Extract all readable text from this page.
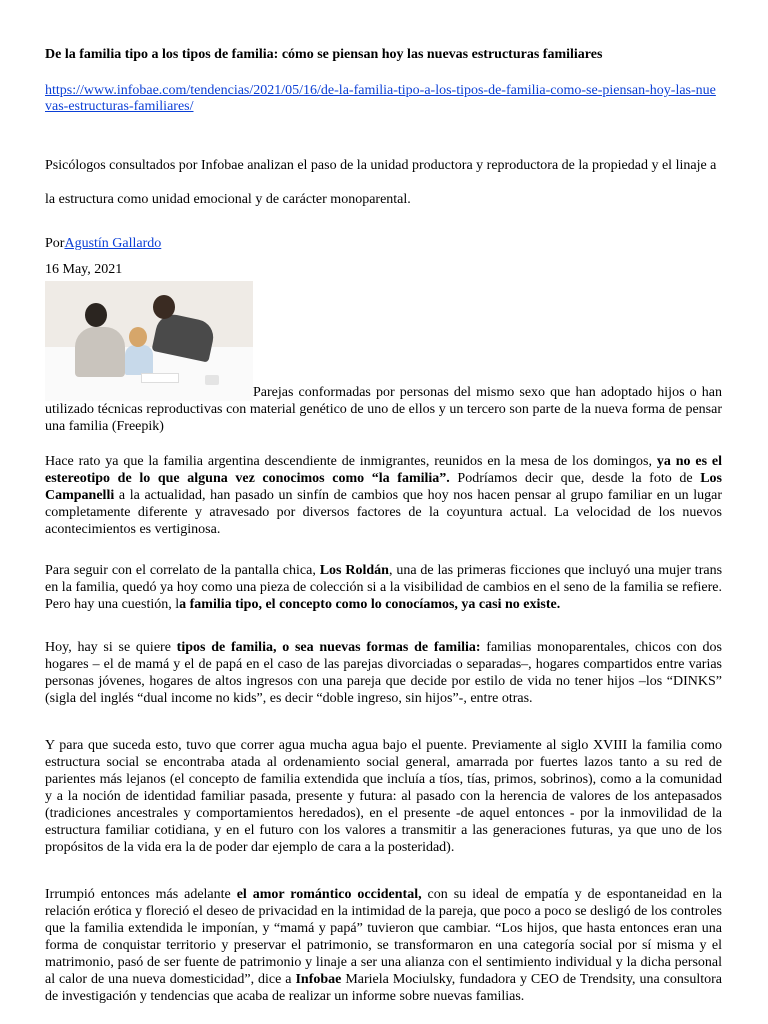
De la familia tipo a los tipos de familia: cómo se piensan hoy las nuevas estructuras familiares

https://www.infobae.com/tendencias/2021/05/16/de-la-familia-tipo-a-los-tipos-de-familia-como-se-piensan-hoy-las-nuevas-estructuras-familiares/

Psicólogos consultados por Infobae analizan el paso de la unidad productora y reproductora de la propiedad y el linaje a la estructura como unidad emocional y de carácter monoparental.

PorAgustín Gallardo
16 May, 2021
Parejas conformadas por personas del mismo sexo que han adoptado hijos o han utilizado técnicas reproductivas con material genético de uno de ellos y un tercero son parte de la nueva forma de pensar una familia (Freepik)

Hace rato ya que la familia argentina descendiente de inmigrantes, reunidos en la mesa de los domingos, ya no es el estereotipo de lo que alguna vez conocimos como “la familia”. Podríamos decir que, desde la foto de Los Campanelli a la actualidad, han pasado un sinfín de cambios que hoy nos hacen pensar al grupo familiar en un lugar completamente diferente y atravesado por diversos factores de la coyuntura actual. La velocidad de los nuevos acontecimientos es vertiginosa.

Para seguir con el correlato de la pantalla chica, Los Roldán, una de las primeras ficciones que incluyó una mujer trans en la familia, quedó ya hoy como una pieza de colección si a la visibilidad de cambios en el seno de la familia se refiere. Pero hay una cuestión, la familia tipo, el concepto como lo conocíamos, ya casi no existe.

Hoy, hay si se quiere tipos de familia, o sea nuevas formas de familia: familias monoparentales, chicos con dos hogares – el de mamá y el de papá en el caso de las parejas divorciadas o separadas–, hogares compartidos entre varias personas jóvenes, hogares de altos ingresos con una pareja que decide por estilo de vida no tener hijos –los “DINKS” (sigla del inglés “dual income no kids”, es decir “doble ingreso, sin hijos”-, entre otras.

Y para que suceda esto, tuvo que correr agua mucha agua bajo el puente. Previamente al siglo XVIII la familia como estructura social se encontraba atada al ordenamiento social general, amarrada por fuertes lazos tanto a su red de parientes más lejanos (el concepto de familia extendida que incluía a tíos, tías, primos, sobrinos), como a la comunidad y a la noción de identidad familiar pasada, presente y futura: al pasado con la herencia de valores de los antepasados (tradiciones ancestrales y comportamientos heredados), en el presente -de aquel entonces - por la inmovilidad de la estructura familiar cotidiana, y en el futuro con los valores a transmitir a las generaciones futuras, ya que uno de los propósitos de la vida era la de poder dar ejemplo de cara a la posteridad).

Irrumpió entonces más adelante el amor romántico occidental, con su ideal de empatía y de espontaneidad en la relación erótica y floreció el deseo de privacidad en la intimidad de la pareja, que poco a poco se desligó de los controles que la familia extendida le imponían, y “mamá y papá” tuvieron que cambiar. “Los hijos, que hasta entonces eran una forma de conquistar territorio y preservar el patrimonio, se transformaron en una categoría social por sí misma y el matrimonio, pasó de ser fuente de patrimonio y linaje a ser una alianza con el sentimiento individual y la dicha personal al calor de una nueva domesticidad”, dice a Infobae Mariela Mociulsky, fundadora y CEO de Trendsity, una consultora de investigación y tendencias que acaba de realizar un informe sobre nuevas familias.
